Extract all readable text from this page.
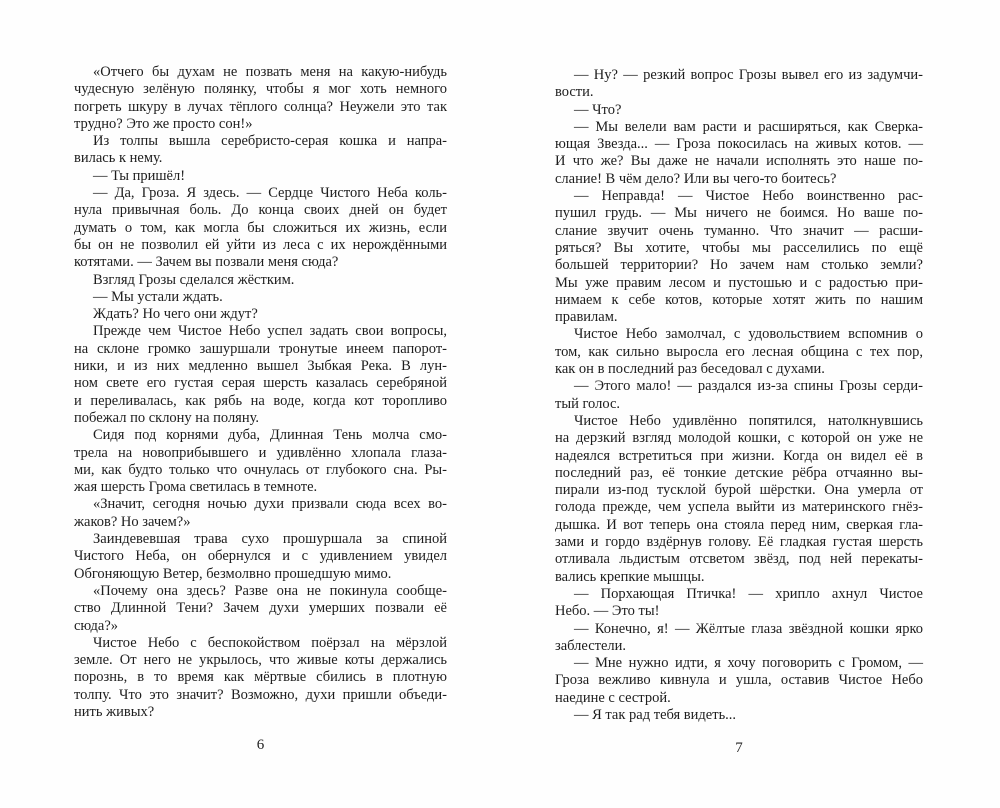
«Отчего бы духам не позвать меня на какую-нибудь
чудесную зелёную полянку, чтобы я мог хоть немного
погреть шкуру в лучах тёплого солнца? Неужели это так
трудно? Это же просто сон!»
Из толпы вышла серебристо-серая кошка и напра-
вилась к нему.
— Ты пришёл!
— Да, Гроза. Я здесь. — Сердце Чистого Неба коль-
нула привычная боль. До конца своих дней он будет
думать о том, как могла бы сложиться их жизнь, если
бы он не позволил ей уйти из леса с их нерождёнными
котятами. — Зачем вы позвали меня сюда?
Взгляд Грозы сделался жёстким.
— Мы устали ждать.
Ждать? Но чего они ждут?
Прежде чем Чистое Небо успел задать свои вопросы,
на склоне громко зашуршали тронутые инеем папорот-
ники, и из них медленно вышел Зыбкая Река. В лун-
ном свете его густая серая шерсть казалась серебряной
и переливалась, как рябь на воде, когда кот торопливо
побежал по склону на поляну.
Сидя под корнями дуба, Длинная Тень молча смо-
трела на новоприбывшего и удивлённо хлопала глаза-
ми, как будто только что очнулась от глубокого сна. Ры-
жая шерсть Грома светилась в темноте.
«Значит, сегодня ночью духи призвали сюда всех во-
жаков? Но зачем?»
Заиндевевшая трава сухо прошуршала за спиной
Чистого Неба, он обернулся и с удивлением увидел
Обгоняющую Ветер, безмолвно прошедшую мимо.
«Почему она здесь? Разве она не покинула сообще-
ство Длинной Тени? Зачем духи умерших позвали её
сюда?»
Чистое Небо с беспокойством поёрзал на мёрзлой
земле. От него не укрылось, что живые коты держались
порознь, в то время как мёртвые сбились в плотную
толпу. Что это значит? Возможно, духи пришли объеди-
нить живых?
6
— Ну? — резкий вопрос Грозы вывел его из задумчи-
вости.
— Что?
— Мы велели вам расти и расширяться, как Сверка-
ющая Звезда... — Гроза покосилась на живых котов. —
И что же? Вы даже не начали исполнять это наше по-
слание! В чём дело? Или вы чего-то боитесь?
— Неправда! — Чистое Небо воинственно рас-
пушил грудь. — Мы ничего не боимся. Но ваше по-
слание звучит очень туманно. Что значит — расши-
ряться? Вы хотите, чтобы мы расселились по ещё
большей территории? Но зачем нам столько земли?
Мы уже правим лесом и пустошью и с радостью при-
нимаем к себе котов, которые хотят жить по нашим
правилам.
Чистое Небо замолчал, с удовольствием вспомнив о
том, как сильно выросла его лесная община с тех пор,
как он в последний раз беседовал с духами.
— Этого мало! — раздался из-за спины Грозы серди-
тый голос.
Чистое Небо удивлённо попятился, натолкнувшись
на дерзкий взгляд молодой кошки, с которой он уже не
надеялся встретиться при жизни. Когда он видел её в
последний раз, её тонкие детские рёбра отчаянно вы-
пирали из-под тусклой бурой шёрстки. Она умерла от
голода прежде, чем успела выйти из материнского гнёз-
дышка. И вот теперь она стояла перед ним, сверкая гла-
зами и гордо вздёрнув голову. Её гладкая густая шерсть
отливала льдистым отсветом звёзд, под ней перекаты-
вались крепкие мышцы.
— Порхающая Птичка! — хрипло ахнул Чистое
Небо. — Это ты!
— Конечно, я! — Жёлтые глаза звёздной кошки ярко
заблестели.
— Мне нужно идти, я хочу поговорить с Громом, —
Гроза вежливо кивнула и ушла, оставив Чистое Небо
наедине с сестрой.
— Я так рад тебя видеть...
7
